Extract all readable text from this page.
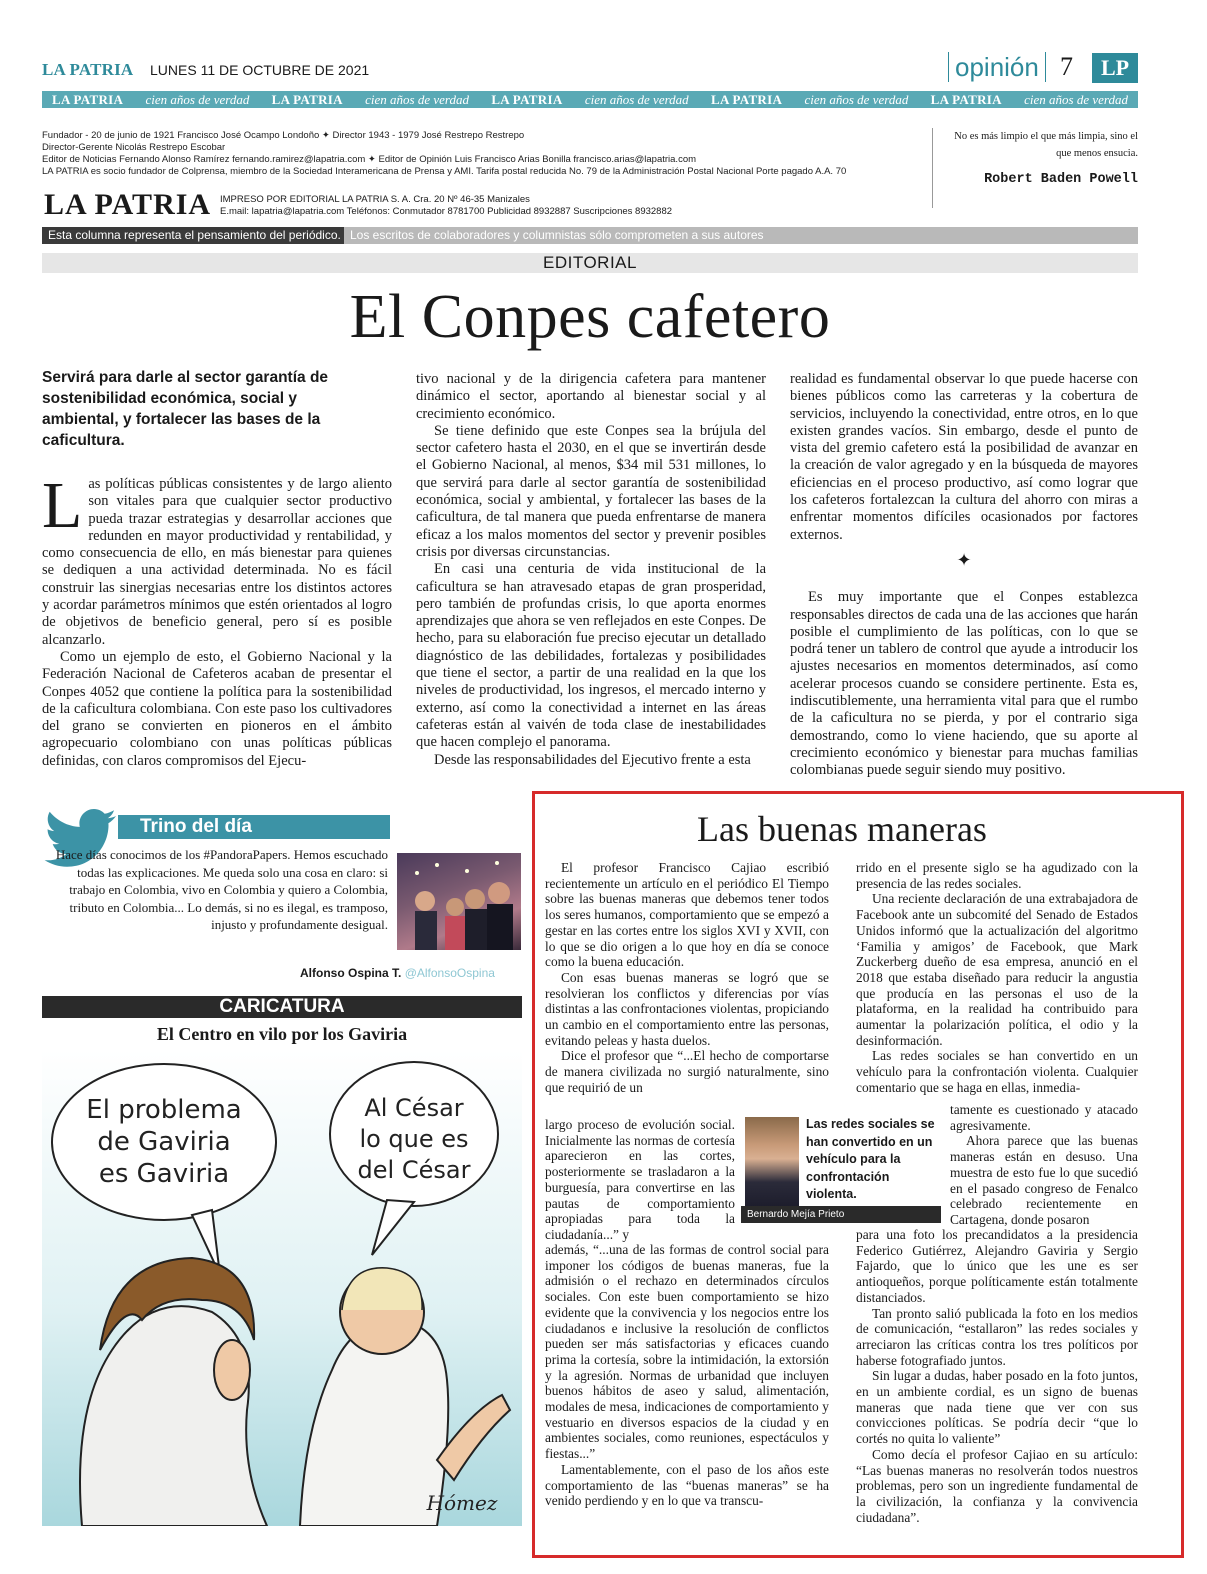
LA PATRIA LUNES 11 DE OCTUBRE DE 2021	opinión 7	LP
LA PATRIA cien años de verdad LA PATRIA cien años de verdad LA PATRIA cien años de verdad LA PATRIA cien años de verdad LA PATRIA cien años de verdad
Fundador - 20 de junio de 1921 Francisco José Ocampo Londoño ✦ Director 1943 - 1979 José Restrepo Restrepo
Director-Gerente Nicolás Restrepo Escobar
Editor de Noticias Fernando Alonso Ramírez fernando.ramirez@lapatria.com ✦ Editor de Opinión Luis Francisco Arias Bonilla francisco.arias@lapatria.com
LA PATRIA es socio fundador de Colprensa, miembro de la Sociedad Interamericana de Prensa y AMI. Tarifa postal reducida No. 79 de la Administración Postal Nacional Porte pagado A.A. 70
LA PATRIA IMPRESO POR EDITORIAL LA PATRIA S. A. Cra. 20 Nº 46-35 Manizales
E.mail: lapatria@lapatria.com Teléfonos: Conmutador 8781700 Publicidad 8932887 Suscripciones 8932882
No es más limpio el que más limpia, sino el que menos ensucia.
Robert Baden Powell
Esta columna representa el pensamiento del periódico. Los escritos de colaboradores y columnistas sólo comprometen a sus autores
EDITORIAL
El Conpes cafetero
Servirá para darle al sector garantía de sostenibilidad económica, social y ambiental, y fortalecer las bases de la caficultura.

Las políticas públicas consistentes y de largo aliento son vitales para que cualquier sector productivo pueda trazar estrategias y desarrollar acciones que redunden en mayor productividad y rentabilidad, y como consecuencia de ello, en más bienestar para quienes se dediquen a una actividad determinada. No es fácil construir las sinergias necesarias entre los distintos actores y acordar parámetros mínimos que estén orientados al logro de objetivos de beneficio general, pero sí es posible alcanzarlo.

Como un ejemplo de esto, el Gobierno Nacional y la Federación Nacional de Cafeteros acaban de presentar el Conpes 4052 que contiene la política para la sostenibilidad de la caficultura colombiana. Con este paso los cultivadores del grano se convierten en pioneros en el ámbito agropecuario colombiano con unas políticas públicas definidas, con claros compromisos del Ejecu-

tivo nacional y de la dirigencia cafetera para mantener dinámico el sector, aportando al bienestar social y al crecimiento económico.

Se tiene definido que este Conpes sea la brújula del sector cafetero hasta el 2030, en el que se invertirán desde el Gobierno Nacional, al menos, $34 mil 531 millones, lo que servirá para darle al sector garantía de sostenibilidad económica, social y ambiental, y fortalecer las bases de la caficultura, de tal manera que pueda enfrentarse de manera eficaz a los malos momentos del sector y prevenir posibles crisis por diversas circunstancias.

En casi una centuria de vida institucional de la caficultura se han atravesado etapas de gran prosperidad, pero también de profundas crisis, lo que aporta enormes aprendizajes que ahora se ven reflejados en este Conpes. De hecho, para su elaboración fue preciso ejecutar un detallado diagnóstico de las debilidades, fortalezas y posibilidades que tiene el sector, a partir de una realidad en la que los niveles de productividad, los ingresos, el mercado interno y externo, así como la conectividad a internet en las áreas cafeteras están al vaivén de toda clase de inestabilidades que hacen complejo el panorama.

Desde las responsabilidades del Ejecutivo frente a esta

realidad es fundamental observar lo que puede hacerse con bienes públicos como las carreteras y la cobertura de servicios, incluyendo la conectividad, entre otros, en lo que existen grandes vacíos. Sin embargo, desde el punto de vista del gremio cafetero está la posibilidad de avanzar en la creación de valor agregado y en la búsqueda de mayores eficiencias en el proceso productivo, así como lograr que los cafeteros fortalezcan la cultura del ahorro con miras a enfrentar momentos difíciles ocasionados por factores externos.

✦

Es muy importante que el Conpes establezca responsables directos de cada una de las acciones que harán posible el cumplimiento de las políticas, con lo que se podrá tener un tablero de control que ayude a introducir los ajustes necesarios en momentos determinados, así como acelerar procesos cuando se considere pertinente. Esta es, indiscutiblemente, una herramienta vital para que el rumbo de la caficultura no se pierda, y por el contrario siga demostrando, como lo viene haciendo, que su aporte al crecimiento económico y bienestar para muchas familias colombianas puede seguir siendo muy positivo.

Trino del día
Hace días conocimos de los #PandoraPapers. Hemos escuchado todas las explicaciones. Me queda solo una cosa en claro: si trabajo en Colombia, vivo en Colombia y quiero a Colombia, tributo en Colombia... Lo demás, si no es ilegal, es tramposo, injusto y profundamente desigual.
Alfonso Ospina T. @AlfonsoOspina
CARICATURA
El Centro en vilo por los Gaviria
El problema
de Gaviria
es Gaviria
Al César
lo que es
del César
Hómez
Las buenas maneras

El profesor Francisco Cajiao escribió recientemente un artículo en el periódico El Tiempo sobre las buenas maneras que debemos tener todos los seres humanos, comportamiento que se empezó a gestar en las cortes entre los siglos XVI y XVII, con lo que se dio origen a lo que hoy en día se conoce como la buena educación.

Con esas buenas maneras se logró que se resolvieran los conflictos y diferencias por vías distintas a las confrontaciones violentas, propiciando un cambio en el comportamiento entre las personas, evitando peleas y hasta duelos.

Dice el profesor que “...El hecho de comportarse de manera civilizada no surgió naturalmente, sino que requirió de un

largo proceso de evolución social. Inicialmente las normas de cortesía aparecieron en las cortes, posteriormente se trasladaron a la burguesía, para convertirse en las pautas de comportamiento apropiadas para toda la ciudadanía...” y

además, “...una de las formas de control social para imponer los códigos de buenas maneras, fue la admisión o el rechazo en determinados círculos sociales. Con este buen comportamiento se hizo evidente que la convivencia y los negocios entre los ciudadanos e inclusive la resolución de conflictos pueden ser más satisfactorias y eficaces cuando prima la cortesía, sobre la intimidación, la extorsión y la agresión. Normas de urbanidad que incluyen buenos hábitos de aseo y salud, alimentación, modales de mesa, indicaciones de comportamiento y vestuario en diversos espacios de la ciudad y en ambientes sociales, como reuniones, espectáculos y fiestas...”

Lamentablemente, con el paso de los años este comportamiento de las “buenas maneras” se ha venido perdiendo y en lo que va transcu-

rrido en el presente siglo se ha agudizado con la presencia de las redes sociales.

Una reciente declaración de una extrabajadora de Facebook ante un subcomité del Senado de Estados Unidos informó que la actualización del algoritmo ‘Familia y amigos’ de Facebook, que Mark Zuckerberg dueño de esa empresa, anunció en el 2018 que estaba diseñado para reducir la angustia que producía en las personas el uso de la plataforma, en la realidad ha contribuido para aumentar la polarización política, el odio y la desinformación.

Las redes sociales se han convertido en un vehículo para la confrontación violenta. Cualquier comentario que se haga en ellas, inmedia-

tamente es cuestionado y atacado agresivamente.

Ahora parece que las buenas maneras están en desuso. Una muestra de esto fue lo que sucedió en el pasado congreso de Fenalco celebrado recientemente en Cartagena, donde posaron

para una foto los precandidatos a la presidencia Federico Gutiérrez, Alejandro Gaviria y Sergio Fajardo, que lo único que les une es ser antioqueños, porque políticamente están totalmente distanciados.

Tan pronto salió publicada la foto en los medios de comunicación, “estallaron” las redes sociales y arreciaron las críticas contra los tres políticos por haberse fotografiado juntos.

Sin lugar a dudas, haber posado en la foto juntos, en un ambiente cordial, es un signo de buenas maneras que nada tiene que ver con sus convicciones políticas. Se podría decir “que lo cortés no quita lo valiente”

Como decía el profesor Cajiao en su artículo: “Las buenas maneras no resolverán todos nuestros problemas, pero son un ingrediente fundamental de la civilización, la confianza y la convivencia ciudadana”.

Las redes sociales se han convertido en un vehículo para la confrontación violenta.
Bernardo Mejía Prieto
